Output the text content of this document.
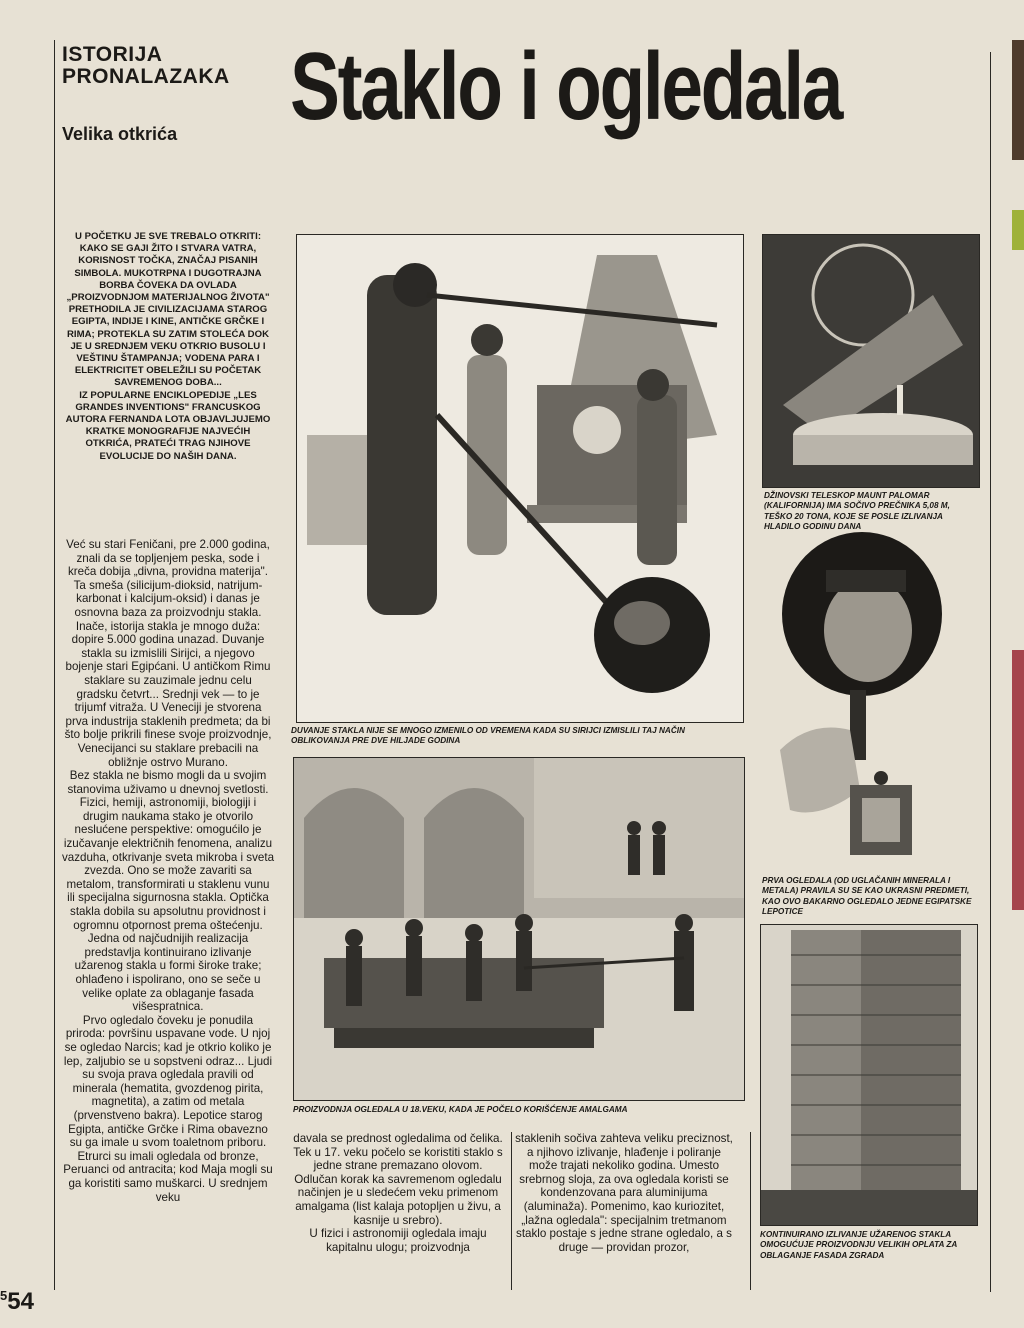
ISTORIJA
PRONALAZAKA
Velika otkrića Staklo i ogledala

U POČETKU JE SVE TREBALO OTKRITI: KAKO SE GAJI ŽITO I STVARA VATRA, KORISNOST TOČKA, ZNAČAJ PISANIH SIMBOLA. MUKOTRPNA I DUGOTRAJNA BORBA ČOVEKA DA OVLADA „PROIZVODNJOM MATERIJALNOG ŽIVOTA" PRETHODILA JE CIVILIZACIJAMA STAROG EGIPTA, INDIJE I KINE, ANTIČKE GRČKE I RIMA; PROTEKLA SU ZATIM STOLEĆA DOK JE U SREDNJEM VEKU OTKRIO BUSOLU I VEŠTINU ŠTAMPANJA; VODENA PARA I ELEKTRICITET OBELEŽILI SU POČETAK SAVREMENOG DOBA...

IZ POPULARNE ENCIKLOPEDIJE „LES GRANDES INVENTIONS" FRANCUSKOG AUTORA FERNANDA LOTA OBJAVLJUJEMO KRATKE MONOGRAFIJE NAJVEĆIH OTKRIĆA, PRATEĆI TRAG NJIHOVE EVOLUCIJE DO NAŠIH DANA.

Već su stari Feničani, pre 2.000 godina, znali da se topljenjem peska, sode i kreča dobija „divna, providna materija". Ta smeša (silicijum-dioksid, natrijum-karbonat i kalcijum-oksid) i danas je osnovna baza za proizvodnju stakla. Inače, istorija stakla je mnogo duža: dopire 5.000 godina unazad. Duvanje stakla su izmislili Sirijci, a njegovo bojenje stari Egipćani. U antičkom Rimu staklare su zauzimale jednu celu gradsku četvrt... Srednji vek — to je trijumf vitraža. U Veneciji je stvorena prva industrija staklenih predmeta; da bi što bolje prikrili finese svoje proizvodnje, Venecijanci su staklare prebacili na obližnje ostrvo Murano.

Bez stakla ne bismo mogli da u svojim stanovima uživamo u dnevnoj svetlosti. Fizici, hemiji, astronomiji, biologiji i drugim naukama stako je otvorilo neslućene perspektive: omogućilo je izučavanje električnih fenomena, analizu vazduha, otkrivanje sveta mikroba i sveta zvezda. Ono se može zavariti sa metalom, transformirati u staklenu vunu ili specijalna sigurnosna stakla. Optička stakla dobila su apsolutnu providnost i ogromnu otpornost prema oštećenju. Jedna od najčudnijih realizacija predstavlja kontinuirano izlivanje užarenog stakla u formi široke trake; ohlađeno i ispolirano, ono se seče u velike oplate za oblaganje fasada višespratnica.

Prvo ogledalo čoveku je ponudila priroda: površinu uspavane vode. U njoj se ogledao Narcis; kad je otkrio koliko je lep, zaljubio se u sopstveni odraz... Ljudi su svoja prava ogledala pravili od minerala (hematita, gvozdenog pirita, magnetita), a zatim od metala (prvenstveno bakra). Lepotice starog Egipta, antičke Grčke i Rima obavezno su ga imale u svom toaletnom priboru. Etrurci su imali ogledala od bronze, Peruanci od antracita; kod Maja mogli su ga koristiti samo muškarci. U srednjem veku

DUVANJE STAKLA NIJE SE MNOGO IZMENILO OD VREMENA KADA SU SIRIJCI IZMISLILI TAJ NAČIN OBLIKOVANJA PRE DVE HILJADE GODINA
PROIZVODNJA OGLEDALA U 18.VEKU, KADA JE POČELO KORIŠĆENJE AMALGAMA

davala se prednost ogledalima od čelika. Tek u 17. veku počelo se koristiti staklo s jedne strane premazano olovom. Odlučan korak ka savremenom ogledalu načinjen je u sledećem veku primenom amalgama (list kalaja potopljen u živu, a kasnije u srebro).

U fizici i astronomiji ogledala imaju kapitalnu ulogu; proizvodnja

staklenih sočiva zahteva veliku preciznost, a njihovo izlivanje, hlađenje i poliranje može trajati nekoliko godina. Umesto srebrnog sloja, za ova ogledala koristi se kondenzovana para aluminijuma (aluminaža). Pomenimo, kao kuriozitet, „lažna ogledala": specijalnim tretmanom staklo postaje s jedne strane ogledalo, a s druge — providan prozor,

DŽINOVSKI TELESKOP MAUNT PALOMAR (KALIFORNIJA) IMA SOČIVO PREČNIKA 5,08 M, TEŠKO 20 TONA, KOJE SE POSLE IZLIVANJA HLADILO GODINU DANA
PRVA OGLEDALA (OD UGLAČANIH MINERALA I METALA) PRAVILA SU SE KAO UKRASNI PREDMETI, KAO OVO BAKARNO OGLEDALO JEDNE EGIPATSKE LEPOTICE
KONTINUIRANO IZLIVANJE UŽARENOG STAKLA OMOGUĆUJE PROIZVODNJU VELIKIH OPLATA ZA OBLAGANJE FASADA ZGRADA
$^5$54
